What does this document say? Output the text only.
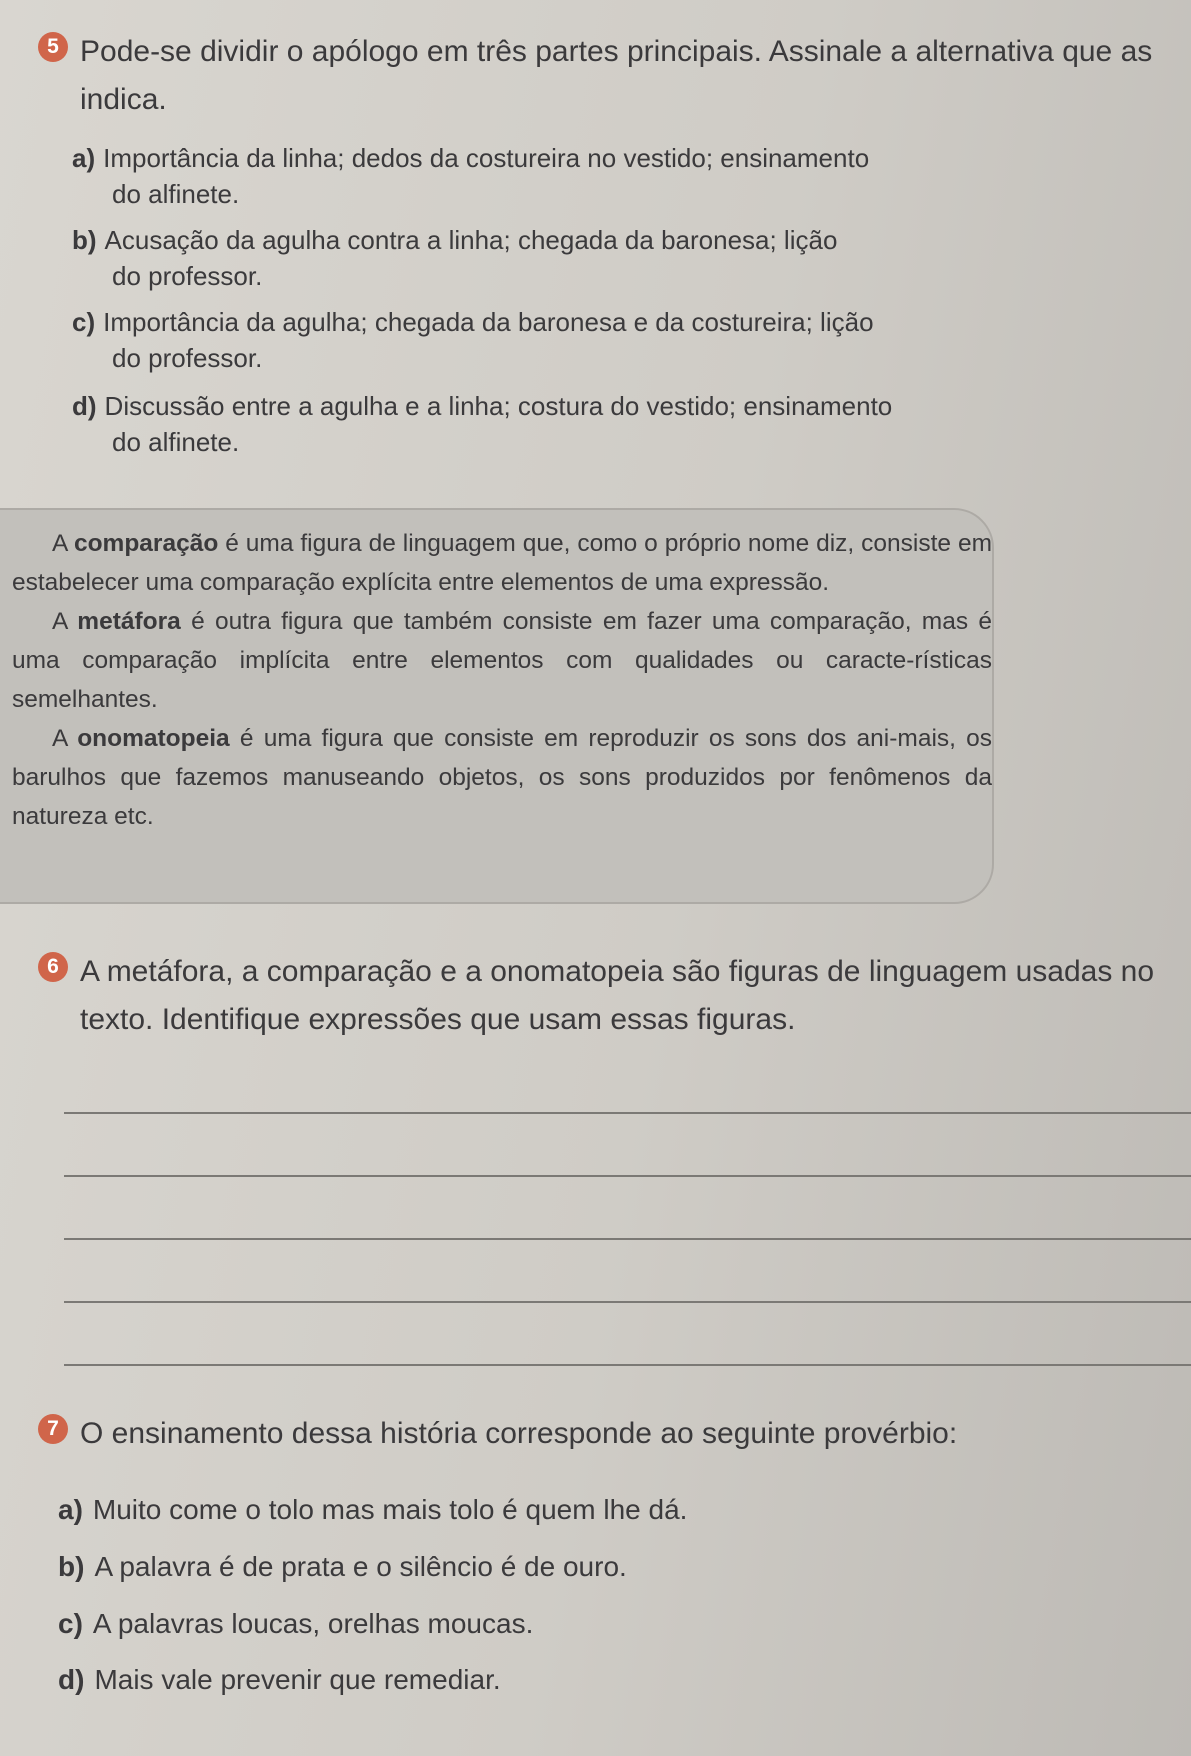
5 Pode-se dividir o apólogo em três partes principais. Assinale a alternativa que as indica.
a) Importância da linha; dedos da costureira no vestido; ensinamento
do alfinete.
b) Acusação da agulha contra a linha; chegada da baronesa; lição
do professor.
c) Importância da agulha; chegada da baronesa e da costureira; lição
do professor.
d) Discussão entre a agulha e a linha; costura do vestido; ensinamento
do alfinete.

A comparação é uma figura de linguagem que, como o próprio nome diz, consiste em estabelecer uma comparação explícita entre elementos de uma expressão.

A metáfora é outra figura que também consiste em fazer uma comparação, mas é uma comparação implícita entre elementos com qualidades ou caracte-rísticas semelhantes.

A onomatopeia é uma figura que consiste em reproduzir os sons dos ani-mais, os barulhos que fazemos manuseando objetos, os sons produzidos por fenômenos da natureza etc.

6 A metáfora, a comparação e a onomatopeia são figuras de linguagem usadas no texto. Identifique expressões que usam essas figuras.
7 O ensinamento dessa história corresponde ao seguinte provérbio:
a) Muito come o tolo mas mais tolo é quem lhe dá.
b) A palavra é de prata e o silêncio é de ouro.
c) A palavras loucas, orelhas moucas.
d) Mais vale prevenir que remediar.
